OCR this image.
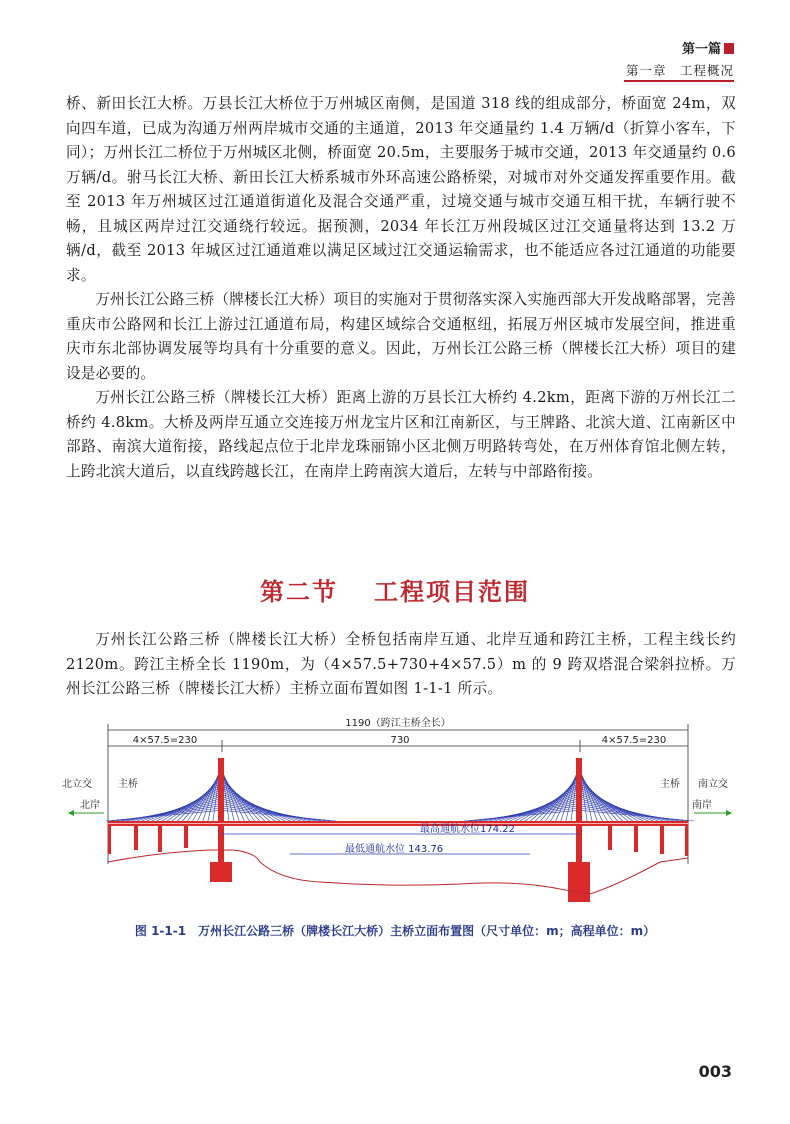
第一篇
第一章　工程概况

桥、新田长江大桥。万县长江大桥位于万州城区南侧，是国道 318 线的组成部分，桥面宽 24m，双向四车道，已成为沟通万州两岸城市交通的主通道，2013 年交通量约 1.4 万辆/d（折算小客车，下同）；万州长江二桥位于万州城区北侧，桥面宽 20.5m，主要服务于城市交通，2013 年交通量约 0.6 万辆/d。驸马长江大桥、新田长江大桥系城市外环高速公路桥梁，对城市对外交通发挥重要作用。截至 2013 年万州城区过江通道街道化及混合交通严重，过境交通与城市交通互相干扰，车辆行驶不畅，且城区两岸过江交通绕行较远。据预测，2034 年长江万州段城区过江交通量将达到 13.2 万辆/d，截至 2013 年城区过江通道难以满足区域过江交通运输需求，也不能适应各过江通道的功能要求。

万州长江公路三桥（牌楼长江大桥）项目的实施对于贯彻落实深入实施西部大开发战略部署，完善重庆市公路网和长江上游过江通道布局，构建区域综合交通枢纽，拓展万州区城市发展空间，推进重庆市东北部协调发展等均具有十分重要的意义。因此，万州长江公路三桥（牌楼长江大桥）项目的建设是必要的。

万州长江公路三桥（牌楼长江大桥）距离上游的万县长江大桥约 4.2km，距离下游的万州长江二桥约 4.8km。大桥及两岸互通立交连接万州龙宝片区和江南新区，与王牌路、北滨大道、江南新区中部路、南滨大道衔接，路线起点位于北岸龙珠丽锦小区北侧万明路转弯处，在万州体育馆北侧左转，上跨北滨大道后，以直线跨越长江，在南岸上跨南滨大道后，左转与中部路衔接。

第二节 工程项目范围

万州长江公路三桥（牌楼长江大桥）全桥包括南岸互通、北岸互通和跨江主桥，工程主线长约 2120m。跨江主桥全长 1190m，为（4×57.5+730+4×57.5）m 的 9 跨双塔混合梁斜拉桥。万州长江公路三桥（牌楼长江大桥）主桥立面布置如图 1-1-1 所示。

1190（跨江主桥全长）
4×57.5=230	730	4×57.5=230
最高通航水位174.22
最低通航水位 143.76
北立交	主桥
北岸
主桥 南立交
南岸
图 1-1-1　万州长江公路三桥（牌楼长江大桥）主桥立面布置图（尺寸单位：m；高程单位：m）
003
